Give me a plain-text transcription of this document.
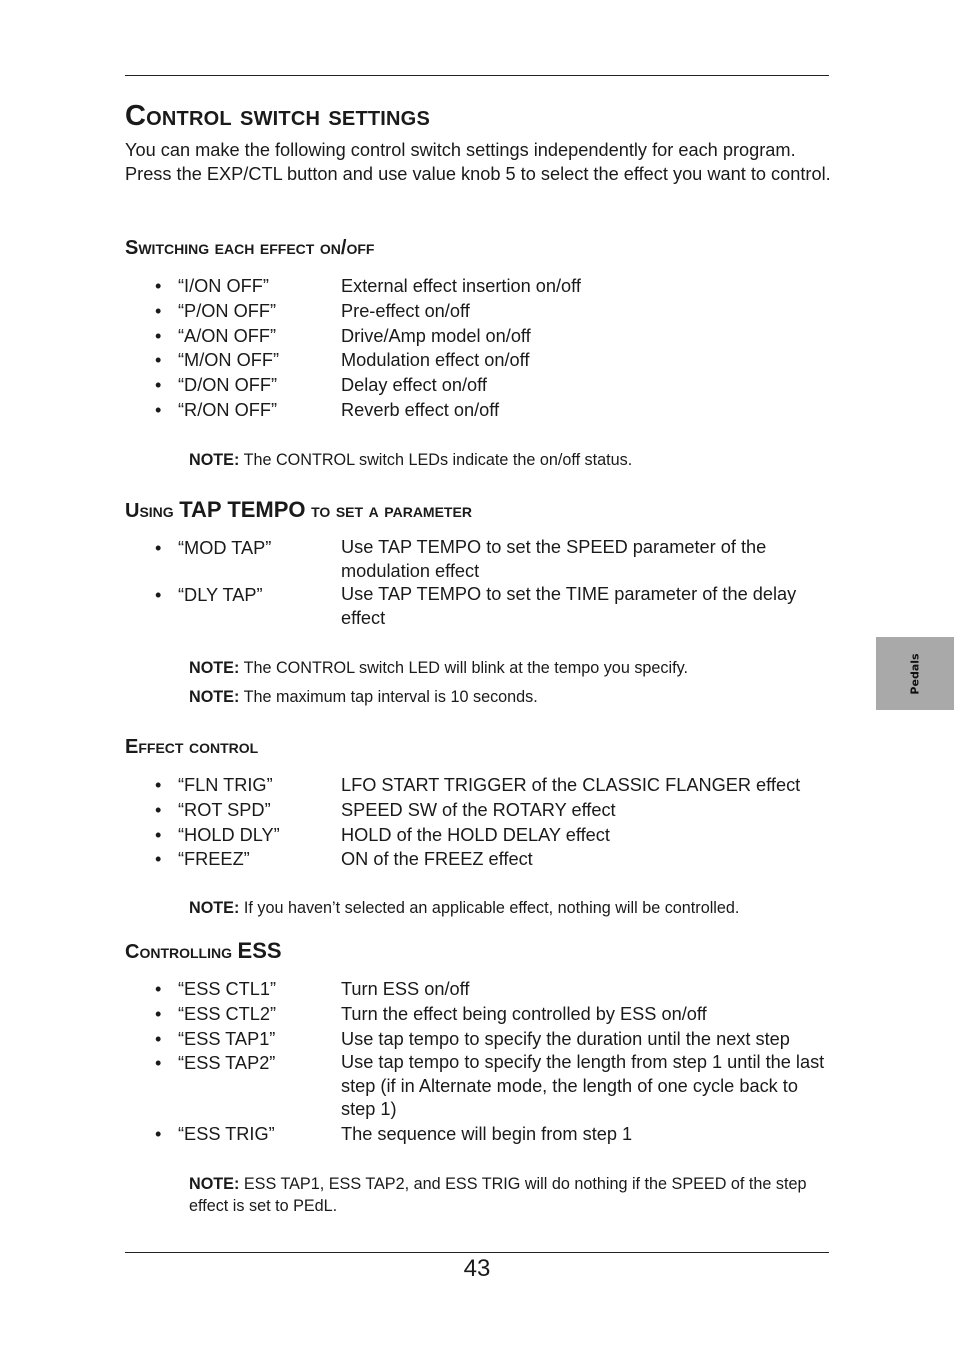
Control switch settings

You can make the following control switch settings independently for each program. Press the EXP/CTL button and use value knob 5 to select the effect you want to control.

Switching each effect on/off
• “I/ON OFF”	External effect insertion on/off
• “P/ON OFF”	Pre-effect on/off
• “A/ON OFF”	Drive/Amp model on/off
• “M/ON OFF”	Modulation effect on/off
• “D/ON OFF”	Delay effect on/off
• “R/ON OFF”	Reverb effect on/off

NOTE: The CONTROL switch LEDs indicate the on/off status.

Using TAP TEMPO to set a parameter
• “MOD TAP”	Use TAP TEMPO to set the SPEED parameter of the modulation effect
• “DLY TAP”	Use TAP TEMPO to set the TIME parameter of the delay effect

NOTE: The CONTROL switch LED will blink at the tempo you specify.

NOTE: The maximum tap interval is 10 seconds.

Effect control
• “FLN TRIG”	LFO START TRIGGER of the CLASSIC FLANGER effect
• “ROT SPD”	SPEED SW of the ROTARY effect
• “HOLD DLY”	HOLD of the HOLD DELAY effect
• “FREEZ”	ON of the FREEZ effect

NOTE: If you haven’t selected an applicable effect, nothing will be controlled.

Controlling ESS
• “ESS CTL1”	Turn ESS on/off
• “ESS CTL2”	Turn the effect being controlled by ESS on/off
• “ESS TAP1”	Use tap tempo to specify the duration until the next step
• “ESS TAP2”	Use tap tempo to specify the length from step 1 until the last step (if in Alternate mode, the length of one cycle back to step 1)
• “ESS TRIG”	The sequence will begin from step 1

NOTE: ESS TAP1, ESS TAP2, and ESS TRIG will do nothing if the SPEED of the step effect is set to PEdL.

Pedals
43
